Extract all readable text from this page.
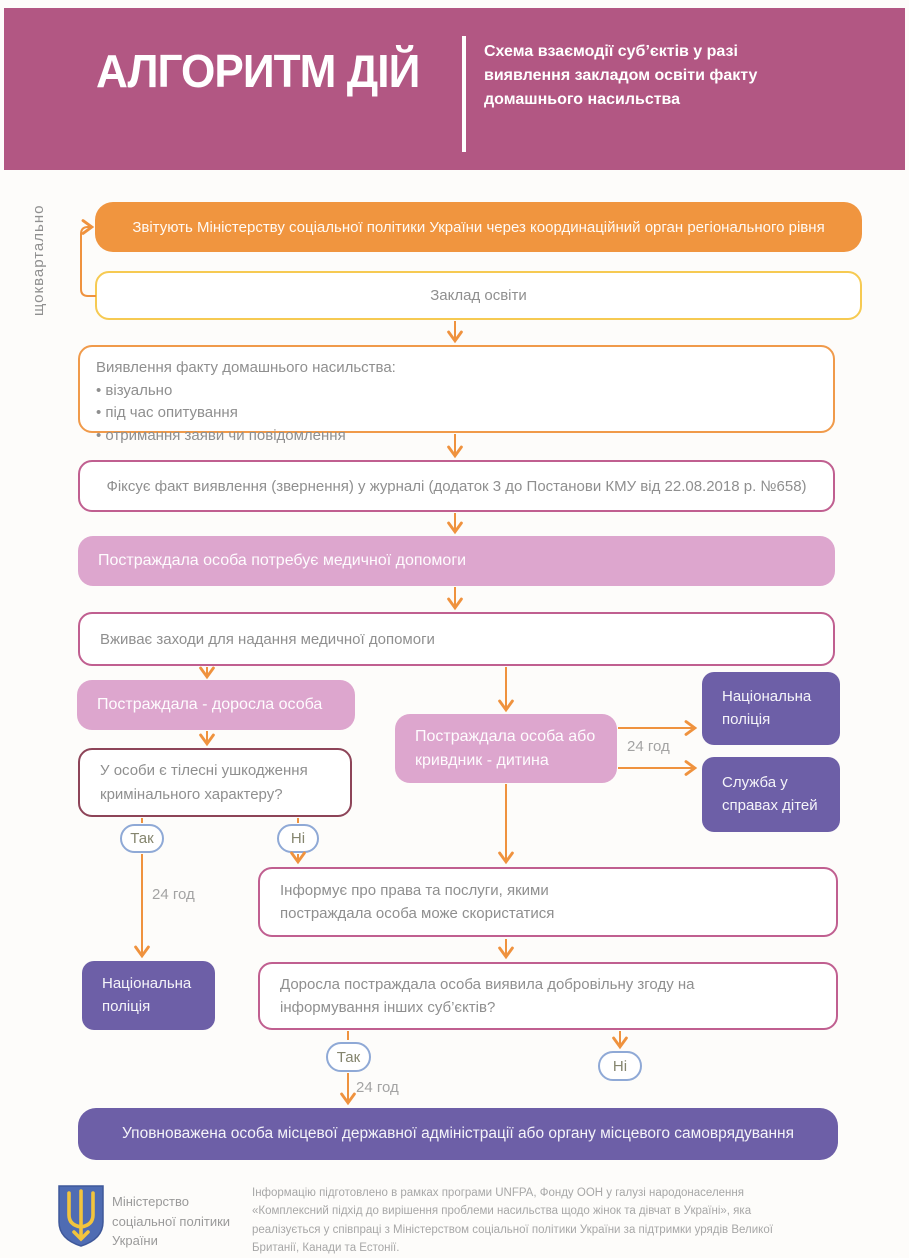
АЛГОРИТМ ДІЙ	Схема взаємодії суб’єктів у разі виявлення закладом освіти факту домашнього насильства

щоквартально	Звітують Міністерству соціальної політики України через координаційний орган регіонального рівня
Заклад освіти
Виявлення факту домашнього насильства:
• візуально
• під час опитування
• отримання заяви чи повідомлення
Фіксує факт виявлення (звернення) у журналі (додаток 3 до Постанови КМУ від 22.08.2018 р. №658)
Постраждала особа потребує медичної допомоги
Вживає заходи для надання медичної допомоги
Постраждала - доросла особа
У особи є тілесні ушкодження кримінального характеру?
Постраждала особа або кривдник - дитина
Національна поліція
Служба у справах дітей
Так	Ні
24 год
24 год
Національна поліція
Інформує про права та послуги, якими постраждала особа може скористатися
Доросла постраждала особа виявила добровільну згоду на інформування інших суб’єктів?
Так
Ні
24 год
Уповноважена особа місцевої державної адміністрації або органу місцевого самоврядування
Міністерство
соціальної політики
України

Інформацію підготовлено в рамках програми UNFPA, Фонду ООН у галузі народонаселення «Комплексний підхід до вирішення проблеми насильства щодо жінок та дівчат в Україні», яка реалізується у співпраці з Міністерством соціальної політики України за підтримки урядів Великої Британії, Канади та Естонії.
